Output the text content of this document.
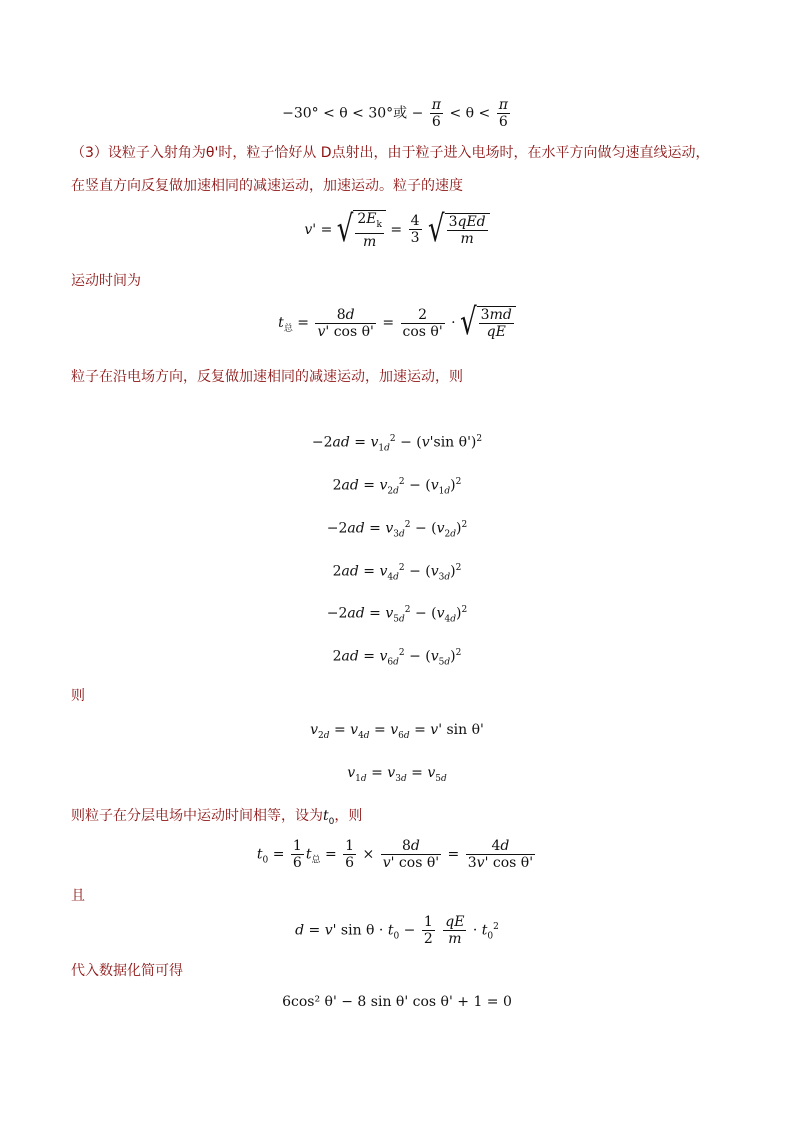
−30° < θ < 30°或 − $\frac{\pi}{6} < \theta < \frac{\pi}{6}$
（3）设粒子入射角为θ'时，粒子恰好从 D点射出，由于粒子进入电场时，在水平方向做匀速直线运动，
在竖直方向反复做加速相同的减速运动，加速运动。粒子的速度
v' = √ $\frac{2E_k}{m} = \frac{4}{3}$ √ $\frac{\text{3qEd}}{m}$
运动时间为
$t_总 = \frac{8d}{\text{v' cos θ'}} = \frac{2}{\text{cos θ'}}$ · √ $\frac{3md}{qE}$
粒子在沿电场方向，反复做加速相同的减速运动，加速运动，则
$-2ad = v_{1d}^2 - (v'\sin$ θ')$^2$
$2ad = v_{2d}^2 - (v_{1d})^2$
$-2ad = v_{3d}^2 - (v_{2d})^2$
$2ad = v_{4d}^2 - (v_{3d})^2$
$-2ad = v_{5d}^2 - (v_{4d})^2$
$2ad = v_{6d}^2 - (v_{5d})^2$
则
$v_{2d} = v_{4d} = v_{6d} = v'$ sin θ'
$v_{1d} = v_{3d} = v_{5d}$
则粒子在分层电场中运动时间相等，设为$t_0$，则
$t_0 = \frac{1}{6} t_总 = \frac{1}{6} \times \frac{8d}{\text{v' cos θ'}} = \frac{4d}{\text{3v' cos θ'}}$
且
d = v' $\sin \theta \cdot t_0 - \frac{1}{2}$
$\frac{qE}{m} \cdot t_0^2$
代入数据化简可得
6cos² θ' − 8 sin θ' cos θ' + 1 = 0
